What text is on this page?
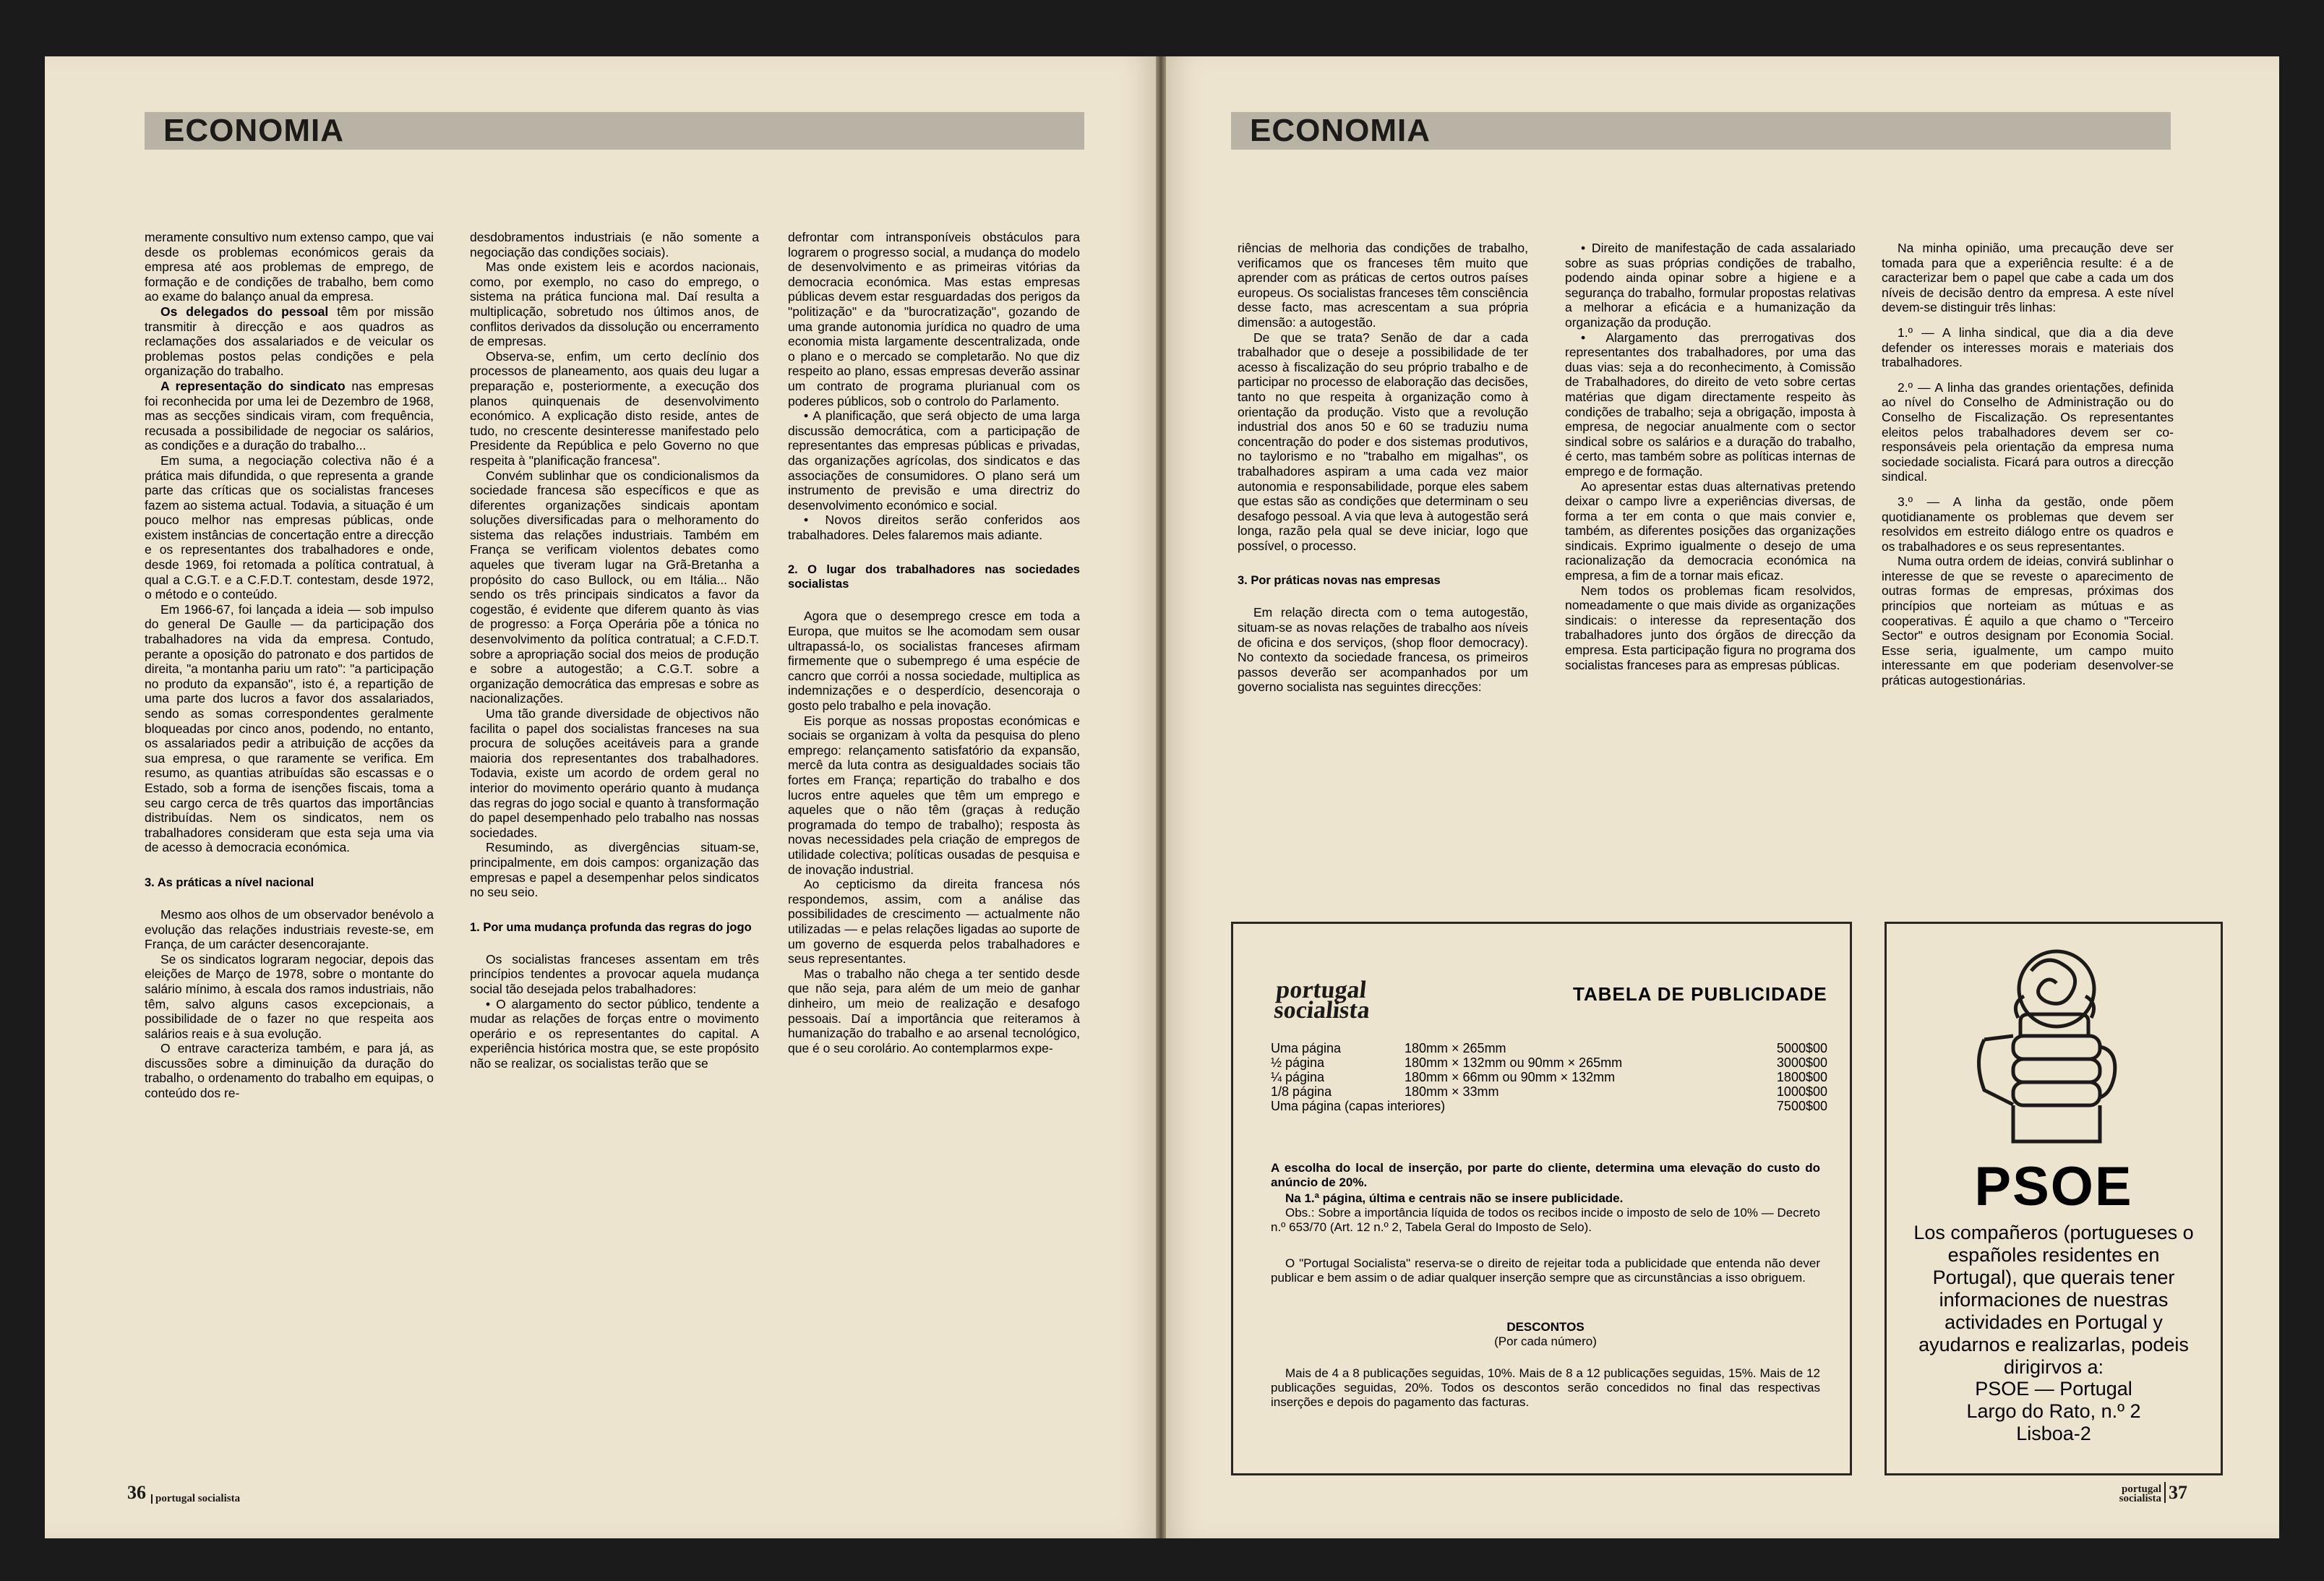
ECONOMIA	ECONOMIA

meramente consultivo num extenso campo, que vai desde os problemas económicos gerais da empresa até aos problemas de emprego, de formação e de condições de trabalho, bem como ao exame do balanço anual da empresa.

Os delegados do pessoal têm por missão transmitir à direcção e aos quadros as reclamações dos assalariados e de veicular os problemas postos pelas condições e pela organização do trabalho.

A representação do sindicato nas empresas foi reconhecida por uma lei de Dezembro de 1968, mas as secções sindicais viram, com frequência, recusada a possibilidade de negociar os salários, as condições e a duração do trabalho...

Em suma, a negociação colectiva não é a prática mais difundida, o que representa a grande parte das críticas que os socialistas franceses fazem ao sistema actual. Todavia, a situação é um pouco melhor nas empresas públicas, onde existem instâncias de concertação entre a direcção e os representantes dos trabalhadores e onde, desde 1969, foi retomada a política contratual, à qual a C.G.T. e a C.F.D.T. contestam, desde 1972, o método e o conteúdo.

Em 1966-67, foi lançada a ideia — sob impulso do general De Gaulle — da participação dos trabalhadores na vida da empresa. Contudo, perante a oposição do patronato e dos partidos de direita, "a montanha pariu um rato": "a participação no produto da expansão", isto é, a repartição de uma parte dos lucros a favor dos assalariados, sendo as somas correspondentes geralmente bloqueadas por cinco anos, podendo, no entanto, os assalariados pedir a atribuição de acções da sua empresa, o que raramente se verifica. Em resumo, as quantias atribuídas são escassas e o Estado, sob a forma de isenções fiscais, toma a seu cargo cerca de três quartos das importâncias distribuídas. Nem os sindicatos, nem os trabalhadores consideram que esta seja uma via de acesso à democracia económica.

3. As práticas a nível nacional

Mesmo aos olhos de um observador benévolo a evolução das relações industriais reveste-se, em França, de um carácter desencorajante.

Se os sindicatos lograram negociar, depois das eleições de Março de 1978, sobre o montante do salário mínimo, à escala dos ramos industriais, não têm, salvo alguns casos excepcionais, a possibilidade de o fazer no que respeita aos salários reais e à sua evolução.

O entrave caracteriza também, e para já, as discussões sobre a diminuição da duração do trabalho, o ordenamento do trabalho em equipas, o conteúdo dos re-

desdobramentos industriais (e não somente a negociação das condições sociais).

Mas onde existem leis e acordos nacionais, como, por exemplo, no caso do emprego, o sistema na prática funciona mal. Daí resulta a multiplicação, sobretudo nos últimos anos, de conflitos derivados da dissolução ou encerramento de empresas.

Observa-se, enfim, um certo declínio dos processos de planeamento, aos quais deu lugar a preparação e, posteriormente, a execução dos planos quinquenais de desenvolvimento económico. A explicação disto reside, antes de tudo, no crescente desinteresse manifestado pelo Presidente da República e pelo Governo no que respeita à "planificação francesa".

Convém sublinhar que os condicionalismos da sociedade francesa são específicos e que as diferentes organizações sindicais apontam soluções diversificadas para o melhoramento do sistema das relações industriais. Também em França se verificam violentos debates como aqueles que tiveram lugar na Grã-Bretanha a propósito do caso Bullock, ou em Itália... Não sendo os três principais sindicatos a favor da cogestão, é evidente que diferem quanto às vias de progresso: a Força Operária põe a tónica no desenvolvimento da política contratual; a C.F.D.T. sobre a apropriação social dos meios de produção e sobre a autogestão; a C.G.T. sobre a organização democrática das empresas e sobre as nacionalizações.

Uma tão grande diversidade de objectivos não facilita o papel dos socialistas franceses na sua procura de soluções aceitáveis para a grande maioria dos representantes dos trabalhadores. Todavia, existe um acordo de ordem geral no interior do movimento operário quanto à mudança das regras do jogo social e quanto à transformação do papel desempenhado pelo trabalho nas nossas sociedades.

Resumindo, as divergências situam-se, principalmente, em dois campos: organização das empresas e papel a desempenhar pelos sindicatos no seu seio.

1. Por uma mudança profunda das regras do jogo

Os socialistas franceses assentam em três princípios tendentes a provocar aquela mudança social tão desejada pelos trabalhadores:

• O alargamento do sector público, tendente a mudar as relações de forças entre o movimento operário e os representantes do capital. A experiência histórica mostra que, se este propósito não se realizar, os socialistas terão que se

defrontar com intransponíveis obstáculos para lograrem o progresso social, a mudança do modelo de desenvolvimento e as primeiras vitórias da democracia económica. Mas estas empresas públicas devem estar resguardadas dos perigos da "politização" e da "burocratização", gozando de uma grande autonomia jurídica no quadro de uma economia mista largamente descentralizada, onde o plano e o mercado se completarão. No que diz respeito ao plano, essas empresas deverão assinar um contrato de programa plurianual com os poderes públicos, sob o controlo do Parlamento.

• A planificação, que será objecto de uma larga discussão democrática, com a participação de representantes das empresas públicas e privadas, das organizações agrícolas, dos sindicatos e das associações de consumidores. O plano será um instrumento de previsão e uma directriz do desenvolvimento económico e social.

• Novos direitos serão conferidos aos trabalhadores. Deles falaremos mais adiante.

2. O lugar dos trabalhadores nas sociedades socialistas

Agora que o desemprego cresce em toda a Europa, que muitos se lhe acomodam sem ousar ultrapassá-lo, os socialistas franceses afirmam firmemente que o subemprego é uma espécie de cancro que corrói a nossa sociedade, multiplica as indemnizações e o desperdício, desencoraja o gosto pelo trabalho e pela inovação.

Eis porque as nossas propostas económicas e sociais se organizam à volta da pesquisa do pleno emprego: relançamento satisfatório da expansão, mercê da luta contra as desigualdades sociais tão fortes em França; repartição do trabalho e dos lucros entre aqueles que têm um emprego e aqueles que o não têm (graças à redução programada do tempo de trabalho); resposta às novas necessidades pela criação de empregos de utilidade colectiva; políticas ousadas de pesquisa e de inovação industrial.

Ao cepticismo da direita francesa nós respondemos, assim, com a análise das possibilidades de crescimento — actualmente não utilizadas — e pelas relações ligadas ao suporte de um governo de esquerda pelos trabalhadores e seus representantes.

Mas o trabalho não chega a ter sentido desde que não seja, para além de um meio de ganhar dinheiro, um meio de realização e desafogo pessoais. Daí a importância que reiteramos à humanização do trabalho e ao arsenal tecnológico, que é o seu corolário. Ao contemplarmos expe-

riências de melhoria das condições de trabalho, verificamos que os franceses têm muito que aprender com as práticas de certos outros países europeus. Os socialistas franceses têm consciência desse facto, mas acrescentam a sua própria dimensão: a autogestão.

De que se trata? Senão de dar a cada trabalhador que o deseje a possibilidade de ter acesso à fiscalização do seu próprio trabalho e de participar no processo de elaboração das decisões, tanto no que respeita à organização como à orientação da produção. Visto que a revolução industrial dos anos 50 e 60 se traduziu numa concentração do poder e dos sistemas produtivos, no taylorismo e no "trabalho em migalhas", os trabalhadores aspiram a uma cada vez maior autonomia e responsabilidade, porque eles sabem que estas são as condições que determinam o seu desafogo pessoal. A via que leva à autogestão será longa, razão pela qual se deve iniciar, logo que possível, o processo.

3. Por práticas novas nas empresas

Em relação directa com o tema autogestão, situam-se as novas relações de trabalho aos níveis de oficina e dos serviços, (shop floor democracy). No contexto da sociedade francesa, os primeiros passos deverão ser acompanhados por um governo socialista nas seguintes direcções:

• Direito de manifestação de cada assalariado sobre as suas próprias condições de trabalho, podendo ainda opinar sobre a higiene e a segurança do trabalho, formular propostas relativas a melhorar a eficácia e a humanização da organização da produção.

• Alargamento das prerrogativas dos representantes dos trabalhadores, por uma das duas vias: seja a do reconhecimento, à Comissão de Trabalhadores, do direito de veto sobre certas matérias que digam directamente respeito às condições de trabalho; seja a obrigação, imposta à empresa, de negociar anualmente com o sector sindical sobre os salários e a duração do trabalho, é certo, mas também sobre as políticas internas de emprego e de formação.

Ao apresentar estas duas alternativas pretendo deixar o campo livre a experiências diversas, de forma a ter em conta o que mais convier e, também, as diferentes posições das organizações sindicais. Exprimo igualmente o desejo de uma racionalização da democracia económica na empresa, a fim de a tornar mais eficaz.

Nem todos os problemas ficam resolvidos, nomeadamente o que mais divide as organizações sindicais: o interesse da representação dos trabalhadores junto dos órgãos de direcção da empresa. Esta participação figura no programa dos socialistas franceses para as empresas públicas.

Na minha opinião, uma precaução deve ser tomada para que a experiência resulte: é a de caracterizar bem o papel que cabe a cada um dos níveis de decisão dentro da empresa. A este nível devem-se distinguir três linhas:

1.º — A linha sindical, que dia a dia deve defender os interesses morais e materiais dos trabalhadores.

2.º — A linha das grandes orientações, definida ao nível do Conselho de Administração ou do Conselho de Fiscalização. Os representantes eleitos pelos trabalhadores devem ser co-responsáveis pela orientação da empresa numa sociedade socialista. Ficará para outros a direcção sindical.

3.º — A linha da gestão, onde põem quotidianamente os problemas que devem ser resolvidos em estreito diálogo entre os quadros e os trabalhadores e os seus representantes.

Numa outra ordem de ideias, convirá sublinhar o interesse de que se reveste o aparecimento de outras formas de empresas, próximas dos princípios que norteiam as mútuas e as cooperativas. É aquilo a que chamo o "Terceiro Sector" e outros designam por Economia Social. Esse seria, igualmente, um campo muito interessante em que poderiam desenvolver-se práticas autogestionárias.

portugal socialista
TABELA DE PUBLICIDADE
Uma página	180mm × 265mm	5000$00
½ página	180mm × 132mm ou 90mm × 265mm	3000$00
¼ página	180mm × 66mm ou 90mm × 132mm	1800$00
1/8 página	180mm × 33mm	1000$00
Uma página (capas interiores)	7500$00
A escolha do local de inserção, por parte do cliente, determina uma elevação do custo do anúncio de 20%.
Na 1.ª página, última e centrais não se insere publicidade.
Obs.: Sobre a importância líquida de todos os recibos incide o imposto de selo de 10% — Decreto n.º 653/70 (Art. 12 n.º 2, Tabela Geral do Imposto de Selo).
O "Portugal Socialista" reserva-se o direito de rejeitar toda a publicidade que entenda não dever publicar e bem assim o de adiar qualquer inserção sempre que as circunstâncias a isso obriguem.
DESCONTOS
(Por cada número)
Mais de 4 a 8 publicações seguidas, 10%. Mais de 8 a 12 publicações seguidas, 15%. Mais de 12 publicações seguidas, 20%. Todos os descontos serão concedidos no final das respectivas inserções e depois do pagamento das facturas.
PSOE
Los compañeros (portugueses o españoles residentes en Portugal), que querais tener informaciones de nuestras actividades en Portugal y ayudarnos e realizarlas, podeis dirigirvos a:
PSOE — Portugal
Largo do Rato, n.º 2
Lisboa-2
36 portugal socialista
portugal socialista 37
